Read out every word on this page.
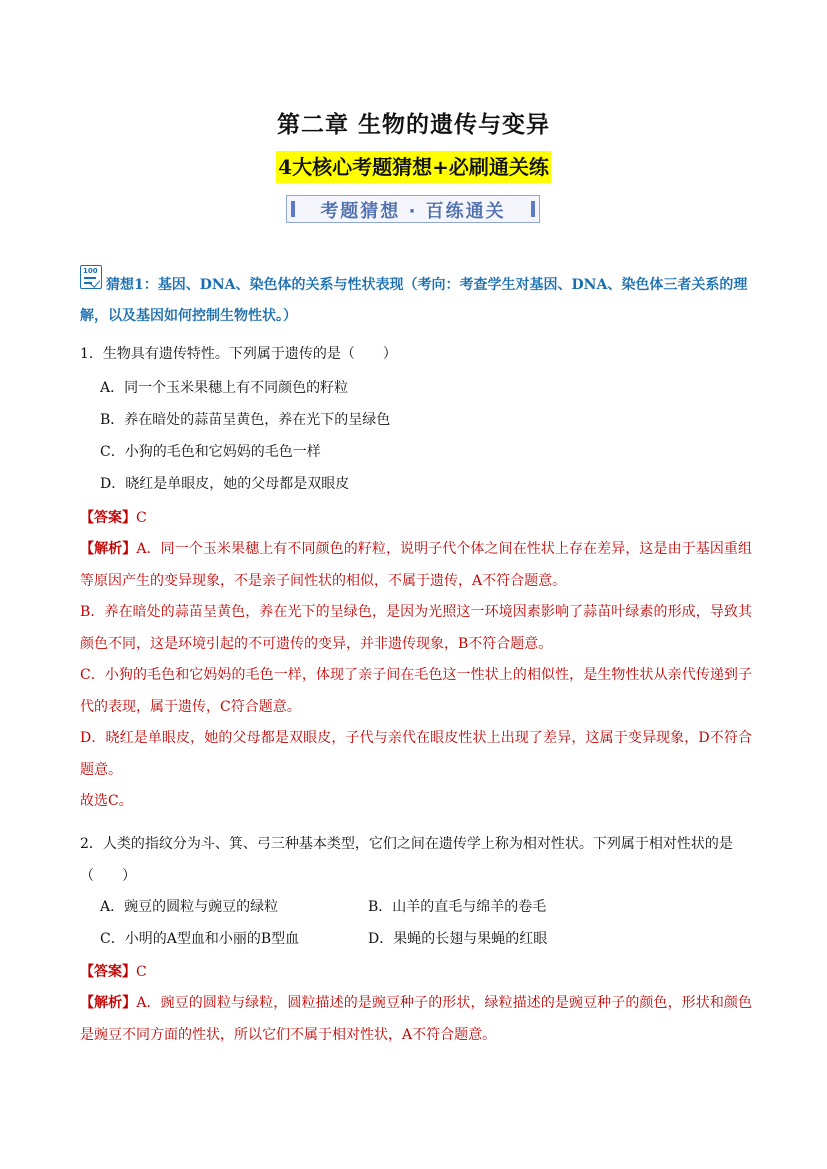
第二章 生物的遗传与变异
4大核心考题猜想+必刷通关练
考题猜想 · 百练通关
100
猜想1：基因、DNA、染色体的关系与性状表现（考向：考查学生对基因、DNA、染色体三者关系的理解，以及基因如何控制生物性状。）
1．生物具有遗传特性。下列属于遗传的是（　　）
A．同一个玉米果穗上有不同颜色的籽粒
B．养在暗处的蒜苗呈黄色，养在光下的呈绿色
C．小狗的毛色和它妈妈的毛色一样
D．晓红是单眼皮，她的父母都是双眼皮
【答案】C
【解析】A．同一个玉米果穗上有不同颜色的籽粒，说明子代个体之间在性状上存在差异，这是由于基因重组等原因产生的变异现象，不是亲子间性状的相似，不属于遗传，A不符合题意。
B．养在暗处的蒜苗呈黄色，养在光下的呈绿色，是因为光照这一环境因素影响了蒜苗叶绿素的形成，导致其颜色不同，这是环境引起的不可遗传的变异，并非遗传现象，B不符合题意。
C．小狗的毛色和它妈妈的毛色一样，体现了亲子间在毛色这一性状上的相似性，是生物性状从亲代传递到子代的表现，属于遗传，C符合题意。
D．晓红是单眼皮，她的父母都是双眼皮，子代与亲代在眼皮性状上出现了差异，这属于变异现象，D不符合题意。
故选C。
2．人类的指纹分为斗、箕、弓三种基本类型，它们之间在遗传学上称为相对性状。下列属于相对性状的是（　　）
A．豌豆的圆粒与豌豆的绿粒	B．山羊的直毛与绵羊的卷毛
C．小明的A型血和小丽的B型血	D．果蝇的长翅与果蝇的红眼
【答案】C
【解析】A．豌豆的圆粒与绿粒，圆粒描述的是豌豆种子的形状，绿粒描述的是豌豆种子的颜色，形状和颜色是豌豆不同方面的性状，所以它们不属于相对性状，A不符合题意。
